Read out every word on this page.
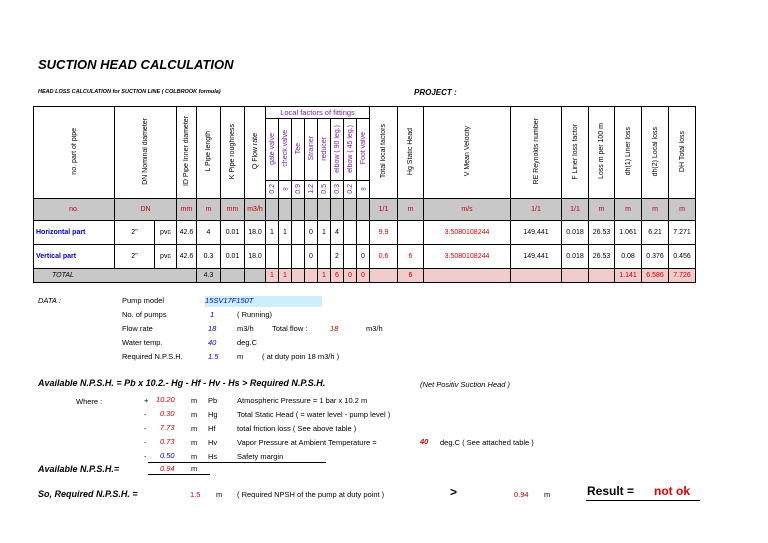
SUCTION HEAD CALCULATION
HEAD LOSS CALCULATION for SUCTION LINE ( COLBROOK formula)	PROJECT :
no. part of pipe	DN Nominal diameter		ID Pipe Inner diameter	L Pipe length	K Pipe roughness	Q Flow rate	Local factors of fittings								Total local factors	Hg Static Head	V Mean Velocity	RE Reynolds number	F Liner loss factor	Loss m per 100 m	dh(1) Liner loss	dh(2) Local loss	DH Total loss
							gate valve	check valve	Tee	Strainer	reducer	elbow ( 90 leg.)	elbow ( 45 leg.)	Foot valve									
							0.2	∞	0.9	1.2	0.5	0.3	0.2	∞									
no.	DN		mm	m	mm	m3/h									1/1	m	m/s	1/1	1/1	m	m	m	m
Horizontal part	2"	pvc	42.6	4	0.01	18.0	1	1		0	1	4			9.9		3.5080108244	149,441	0.018	26.53	1.061	6.21	7.271
Vertical part	2"	pvc	42.6	0.3	0.01	18.0				0		2		0	0.6	6	3.5080108244	149,441	0.018	26.53	0.08	0.376	0.456
TOTAL				4.3			1	1			1	6	0	0		6					1.141	6.586	7.726
DATA :	Pump model	15SV17F150T
No. of pumps	1	( Running)
Flow rate	18	m3/h Total flow :	18	m3/h
Water temp.	40	deg.C
Required N.P.S.H.	1.5 m	( at duty poin 18 m3/h )
Available N.P.S.H. = Pb x 10.2.- Hg - Hf - Hv - Hs > Required N.P.S.H.	(Net Positiv Suction Head )
Where :	+ 10.20 m Pb	Atmospheric Pressure = 1 bar x 10.2 m
- 0.30 m Hg	Total Static Head ( = water level - pump level )
- 7.73 m Hf	total friction loss ( See above table )
- 0.73 m Hv	Vapor Pressure at Ambient Temperature =	40 deg.C ( See attached table )
- 0.50 m Hs	Safety margin
Available N.P.S.H.=	0.94 m
So, Required N.P.S.H. =	1.5 m ( Required NPSH of the pump at duty point )	>	0.94 m	Result = not ok
